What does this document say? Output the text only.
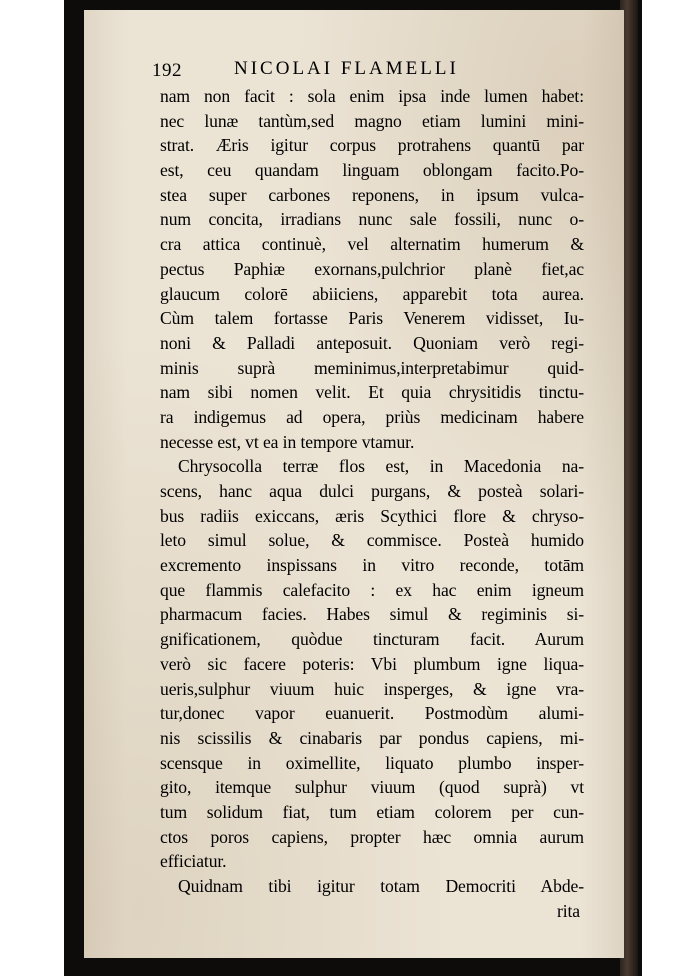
192	NICOLAI FLAMELLI
nam non facit : sola enim ipsa inde lumen habet:
nec lunæ tantùm,sed magno etiam lumini mini-
strat. Æris igitur corpus protrahens quantū par
est, ceu quandam linguam oblongam facito.Po-
stea super carbones reponens, in ipsum vulca-
num concita, irradians nunc sale fossili, nunc o-
cra attica continuè, vel alternatim humerum &
pectus Paphiæ exornans,pulchrior planè fiet,ac
glaucum colorē abiiciens, apparebit tota aurea.
Cùm talem fortasse Paris Venerem vidisset, Iu-
noni & Palladi anteposuit. Quoniam verò regi-
minis suprà meminimus,interpretabimur quid-
nam sibi nomen velit. Et quia chrysitidis tinctu-
ra indigemus ad opera, priùs medicinam habere
necesse est, vt ea in tempore vtamur.
Chrysocolla terræ flos est, in Macedonia na-
scens, hanc aqua dulci purgans, & posteà solari-
bus radiis exiccans, æris Scythici flore & chryso-
leto simul solue, & commisce. Posteà humido
excremento inspissans in vitro reconde, totām
que flammis calefacito : ex hac enim igneum
pharmacum facies. Habes simul & regiminis si-
gnificationem, quòdue tincturam facit. Aurum
verò sic facere poteris: Vbi plumbum igne liqua-
ueris,sulphur viuum huic insperges, & igne vra-
tur,donec vapor euanuerit. Postmodùm alumi-
nis scissilis & cinabaris par pondus capiens, mi-
scensque in oximellite, liquato plumbo insper-
gito, itemque sulphur viuum (quod suprà) vt
tum solidum fiat, tum etiam colorem per cun-
ctos poros capiens, propter hæc omnia aurum
efficiatur.
Quidnam tibi igitur totam Democriti Abde-
rita
